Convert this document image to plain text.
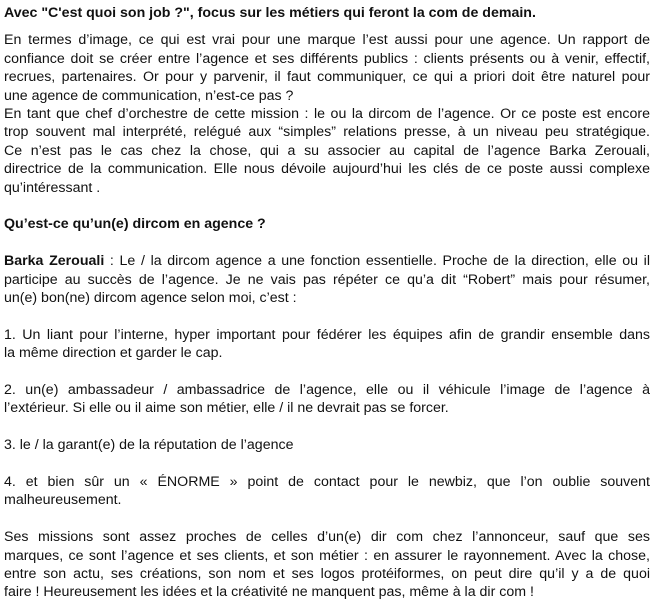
Avec "C'est quoi son job ?", focus sur les métiers qui feront la com de demain.
En termes d’image, ce qui est vrai pour une marque l’est aussi pour une agence. Un rapport de
confiance doit se créer entre l’agence et ses différents publics : clients présents ou à venir, effectif,
recrues, partenaires. Or pour y parvenir, il faut communiquer, ce qui a priori doit être naturel pour
une agence de communication, n’est-ce pas ?
En tant que chef d’orchestre de cette mission : le ou la dircom de l’agence. Or ce poste est encore
trop souvent mal interprété, relégué aux “simples” relations presse, à un niveau peu stratégique.
Ce n’est pas le cas chez la chose, qui a su associer au capital de l’agence Barka Zerouali,
directrice de la communication. Elle nous dévoile aujourd’hui les clés de ce poste aussi complexe
qu’intéressant .
Qu’est-ce qu’un(e) dircom en agence ?
Barka Zerouali : Le / la dircom agence a une fonction essentielle. Proche de la direction, elle ou il
participe au succès de l’agence. Je ne vais pas répéter ce qu’a dit “Robert” mais pour résumer,
un(e) bon(ne) dircom agence selon moi, c’est :
1. Un liant pour l’interne, hyper important pour fédérer les équipes afin de grandir ensemble dans
la même direction et garder le cap.
2. un(e) ambassadeur / ambassadrice de l’agence, elle ou il véhicule l’image de l’agence à
l’extérieur. Si elle ou il aime son métier, elle / il ne devrait pas se forcer.
3. le / la garant(e) de la réputation de l’agence
4. et bien sûr un « ÉNORME » point de contact pour le newbiz, que l’on oublie souvent
malheureusement.
Ses missions sont assez proches de celles d’un(e) dir com chez l’annonceur, sauf que ses
marques, ce sont l’agence et ses clients, et son métier : en assurer le rayonnement. Avec la chose,
entre son actu, ses créations, son nom et ses logos protéiformes, on peut dire qu’il y a de quoi
faire ! Heureusement les idées et la créativité ne manquent pas, même à la dir com !
